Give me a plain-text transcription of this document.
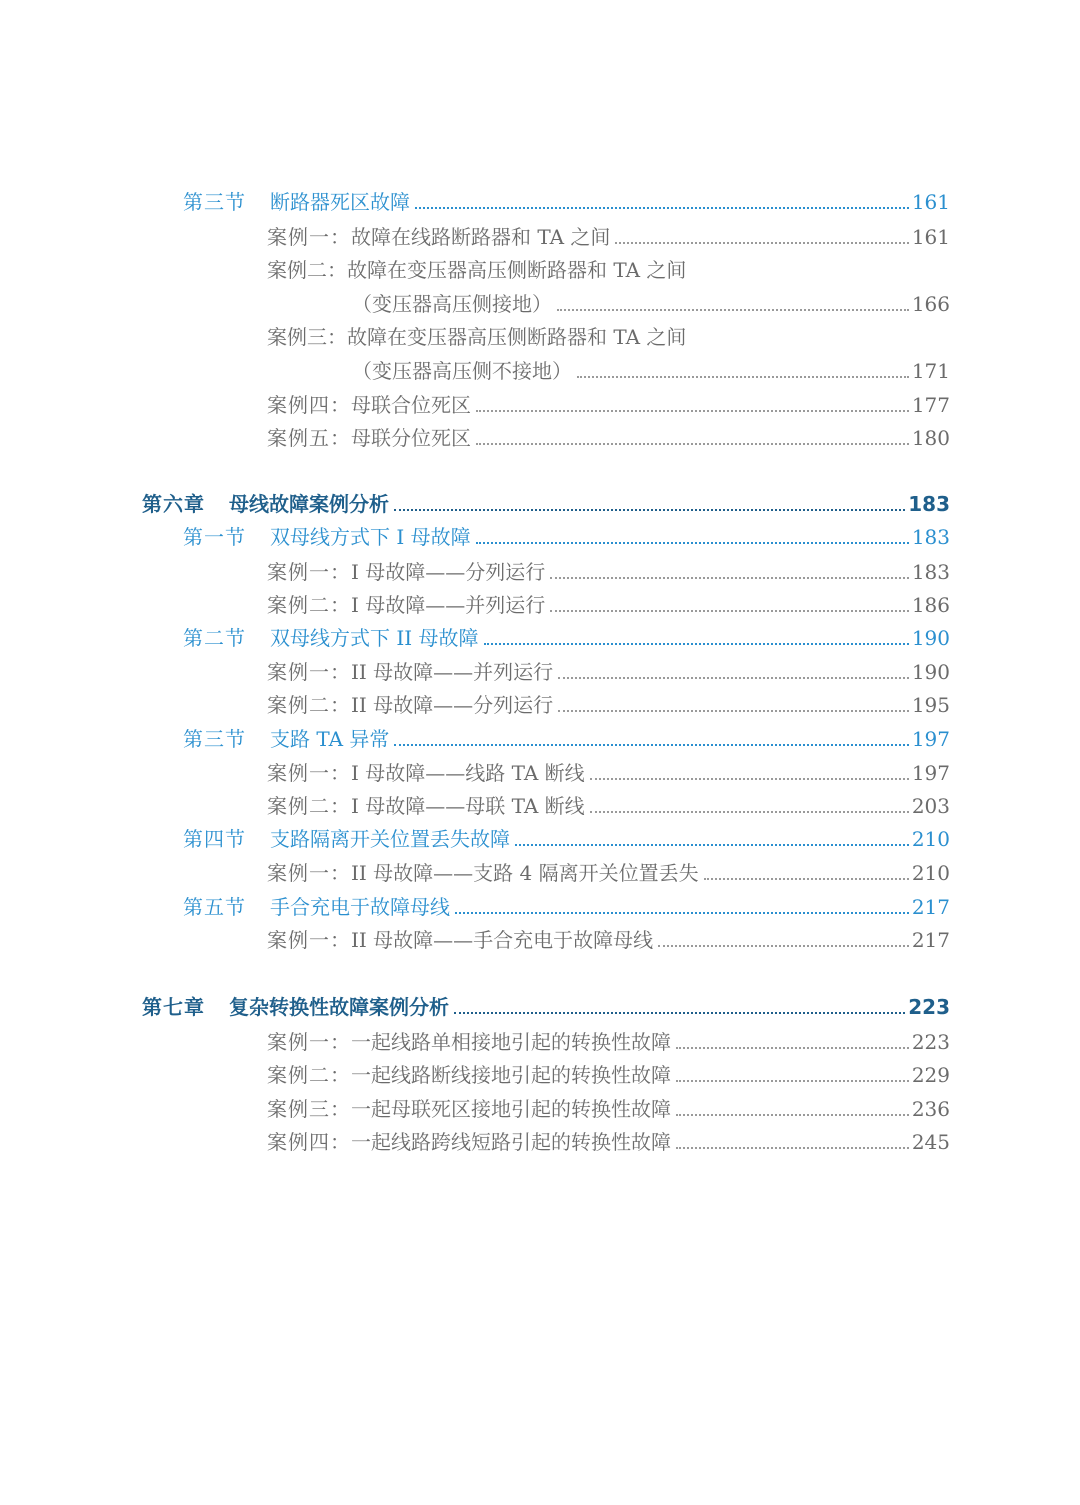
第三节 断路器死区故障	161
案例一： 故障在线路断路器和 TA 之间	161
案例二：故障在变压器高压侧断路器和 TA 之间
（变压器高压侧接地）	166
案例三：故障在变压器高压侧断路器和 TA 之间
（变压器高压侧不接地）	171
案例四： 母联合位死区	177
案例五： 母联分位死区	180
第六章 母线故障案例分析	183
第一节 双母线方式下 I 母故障	183
案例一： I 母故障——分列运行	183
案例二： I 母故障——并列运行	186
第二节 双母线方式下 II 母故障	190
案例一： II 母故障——并列运行	190
案例二： II 母故障——分列运行	195
第三节 支路 TA 异常	197
案例一： I 母故障——线路 TA 断线	197
案例二： I 母故障——母联 TA 断线	203
第四节 支路隔离开关位置丢失故障	210
案例一： II 母故障——支路 4 隔离开关位置丢失	210
第五节 手合充电于故障母线	217
案例一： II 母故障——手合充电于故障母线	217
第七章 复杂转换性故障案例分析	223
案例一： 一起线路单相接地引起的转换性故障	223
案例二： 一起线路断线接地引起的转换性故障	229
案例三： 一起母联死区接地引起的转换性故障	236
案例四： 一起线路跨线短路引起的转换性故障	245
